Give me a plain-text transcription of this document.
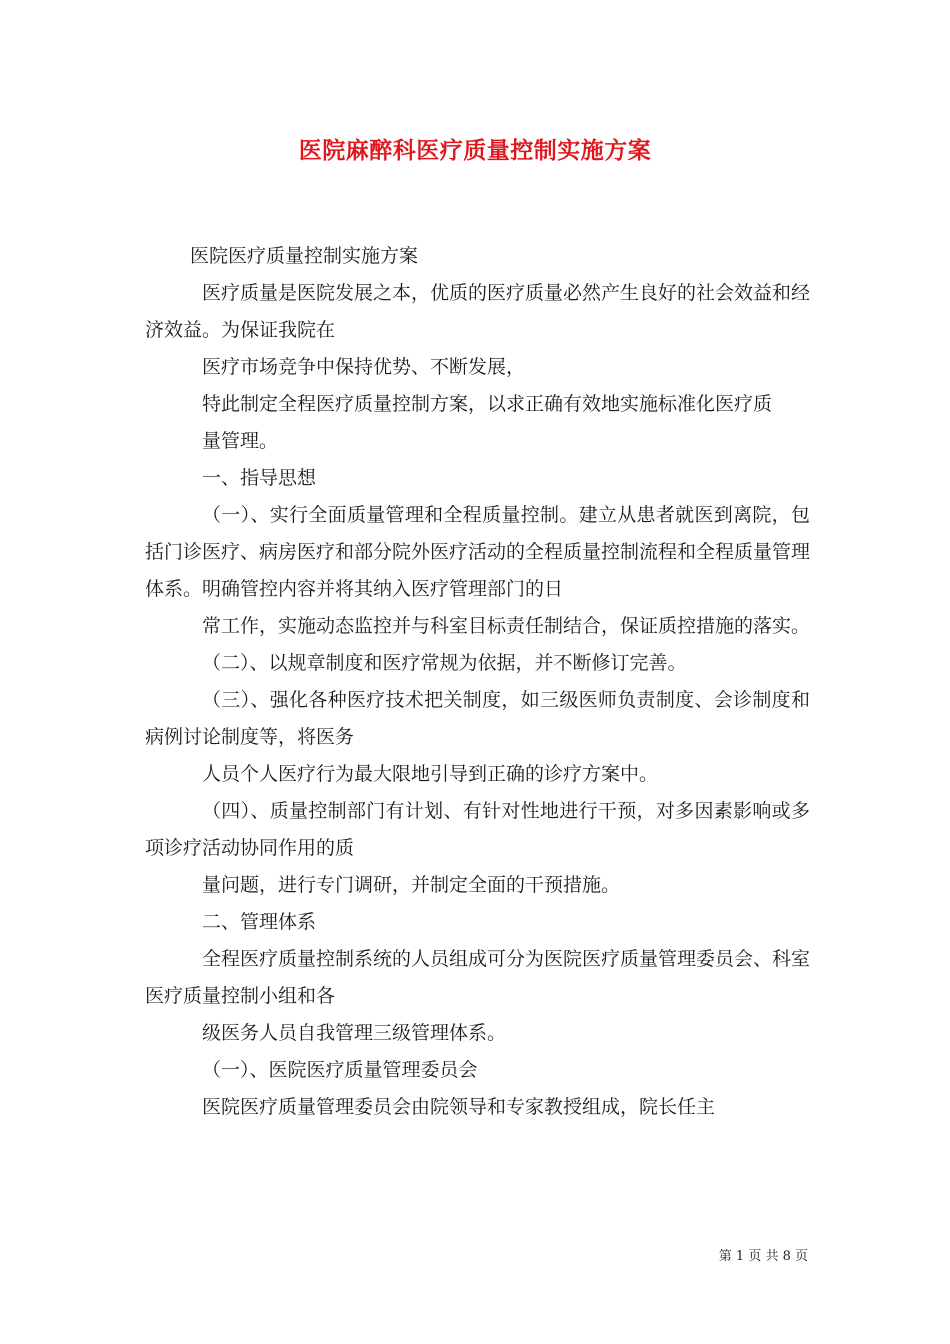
医院麻醉科医疗质量控制实施方案

医院医疗质量控制实施方案

医疗质量是医院发展之本，优质的医疗质量必然产生良好的社会效益和经济效益。为保证我院在

医疗市场竞争中保持优势、不断发展，

特此制定全程医疗质量控制方案，以求正确有效地实施标准化医疗质

量管理。

一、指导思想

（一）、实行全面质量管理和全程质量控制。建立从患者就医到离院，包括门诊医疗、病房医疗和部分院外医疗活动的全程质量控制流程和全程质量管理体系。明确管控内容并将其纳入医疗管理部门的日

常工作，实施动态监控并与科室目标责任制结合，保证质控措施的落实。

（二）、以规章制度和医疗常规为依据，并不断修订完善。

（三）、强化各种医疗技术把关制度，如三级医师负责制度、会诊制度和病例讨论制度等，将医务

人员个人医疗行为最大限地引导到正确的诊疗方案中。

（四）、质量控制部门有计划、有针对性地进行干预，对多因素影响或多项诊疗活动协同作用的质

量问题，进行专门调研，并制定全面的干预措施。

二、管理体系

全程医疗质量控制系统的人员组成可分为医院医疗质量管理委员会、科室医疗质量控制小组和各

级医务人员自我管理三级管理体系。

（一）、医院医疗质量管理委员会

医院医疗质量管理委员会由院领导和专家教授组成，院长任主

第 1 页 共 8 页
